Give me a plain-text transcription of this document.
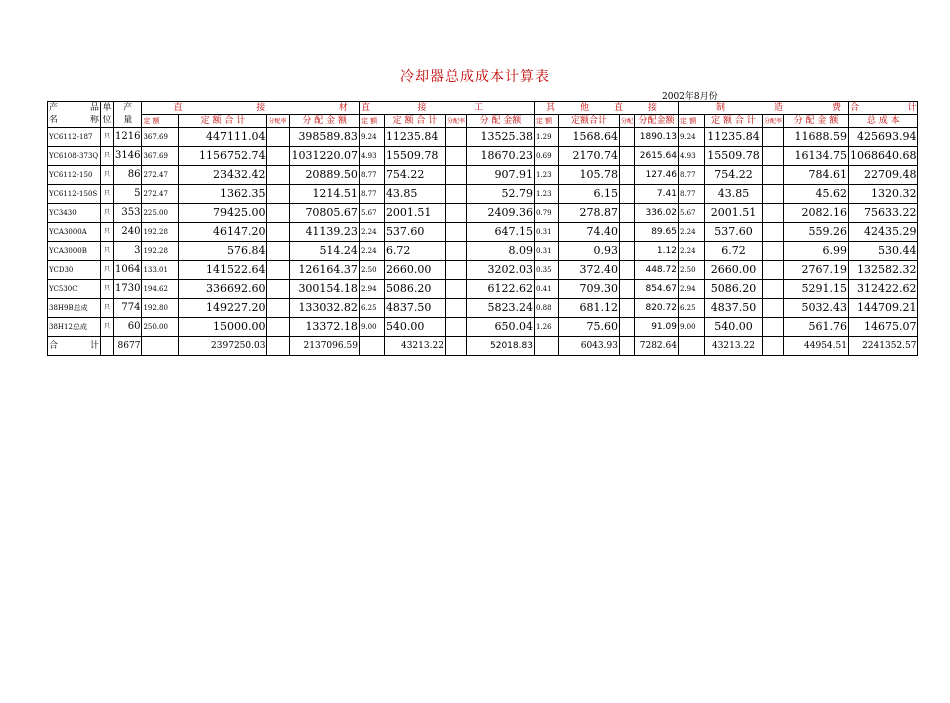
冷却器总成成本计算表
2002年8月份
产 品	单	产	直 接 材				直 接 工				其 他 直 接				制 造 费				合 计

名 称	位	量	定 额	定 额 合 计	分配率	分 配 金 额	定 额	定 额 合 计	分配率	分 配 金额	定 额	定额合计	分配	分配金额	定 额	定 额 合 计	分配率	分 配 金 额	总 成 本
YC6112-187	只	1216	367.69	447111.04		398589.83	9.24	11235.84		13525.38	1.29	1568.64		1890.13	9.24	11235.84		11688.59	425693.94
YC6108-373Q	只	3146	367.69	1156752.74		1031220.07	4.93	15509.78		18670.23	0.69	2170.74		2615.64	4.93	15509.78		16134.75	1068640.68
YC6112-150	只	86	272.47	23432.42		20889.50	8.77	754.22		907.91	1.23	105.78		127.46	8.77	754.22		784.61	22709.48
YC6112-150S	只	5	272.47	1362.35		1214.51	8.77	43.85		52.79	1.23	6.15		7.41	8.77	43.85		45.62	1320.32
YC3430	只	353	225.00	79425.00		70805.67	5.67	2001.51		2409.36	0.79	278.87		336.02	5.67	2001.51		2082.16	75633.22
YCA3000A	只	240	192.28	46147.20		41139.23	2.24	537.60		647.15	0.31	74.40		89.65	2.24	537.60		559.26	42435.29
YCA3000B	只	3	192.28	576.84		514.24	2.24	6.72		8.09	0.31	0.93		1.12	2.24	6.72		6.99	530.44
YCD30	只	1064	133.01	141522.64		126164.37	2.50	2660.00		3202.03	0.35	372.40		448.72	2.50	2660.00		2767.19	132582.32
YC530C	只	1730	194.62	336692.60		300154.18	2.94	5086.20		6122.62	0.41	709.30		854.67	2.94	5086.20		5291.15	312422.62
38H9B总成	只	774	192.80	149227.20		133032.82	6.25	4837.50		5823.24	0.88	681.12		820.72	6.25	4837.50		5032.43	144709.21
38H12总成	只	60	250.00	15000.00		13372.18	9.00	540.00		650.04	1.26	75.60		91.09	9.00	540.00		561.76	14675.07

合 计		8677		2397250.03		2137096.59		43213.22		52018.83		6043.93		7282.64		43213.22		44954.51	2241352.57
